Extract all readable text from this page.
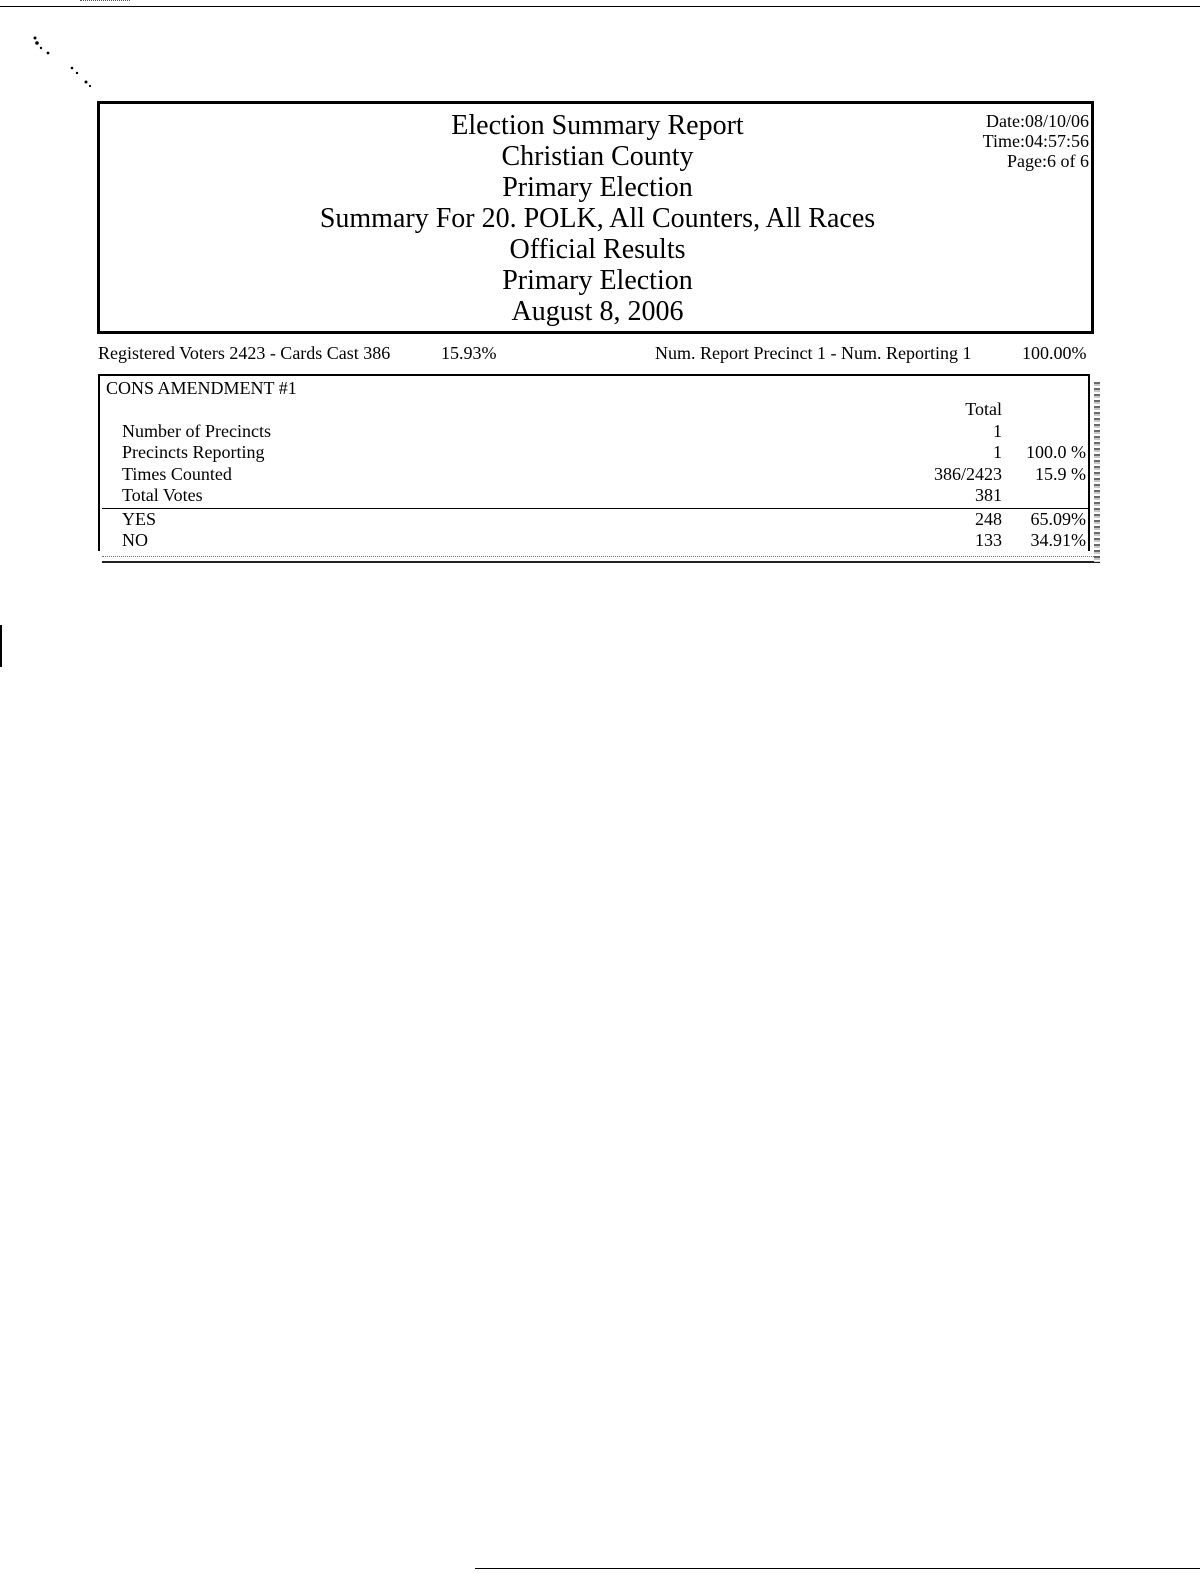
Election Summary Report
Christian County
Primary Election
Summary For 20. POLK, All Counters, All Races
Official Results
Primary Election
August 8, 2006
Date:08/10/06
Time:04:57:56
Page:6 of 6
Registered Voters 2423 - Cards Cast 386	15.93%	Num. Report Precinct 1 - Num. Reporting 1	100.00%
CONS AMENDMENT #1
Total
Number of Precincts	1
Precincts Reporting	1	100.0 %
Times Counted	386/2423	15.9 %
Total Votes	381
YES	248	65.09%
NO	133	34.91%
